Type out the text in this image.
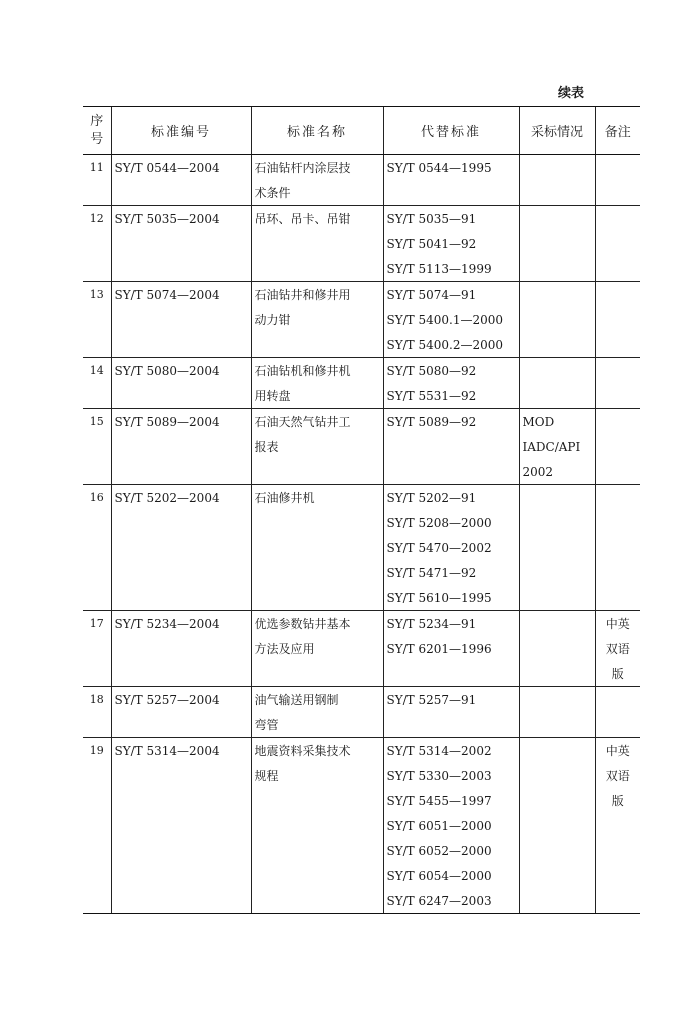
续表
序号	标准编号	标准名称	代替标准	采标情况	备注
11	SY/T 0544—2004	石油钻杆内涂层技	SY/T 0544—1995		

		术条件			

12	SY/T 5035—2004	吊环、吊卡、吊钳	SY/T 5035—91		

			SY/T 5041—92		

			SY/T 5113—1999		

13	SY/T 5074—2004	石油钻井和修井用	SY/T 5074—91		

		动力钳	SY/T 5400.1—2000		

			SY/T 5400.2—2000		

14	SY/T 5080—2004	石油钻机和修井机	SY/T 5080—92		

		用转盘	SY/T 5531—92		

15	SY/T 5089—2004	石油天然气钻井工	SY/T 5089—92	MOD	

		报表		IADC/API	

				2002	

16	SY/T 5202—2004	石油修井机	SY/T 5202—91		

			SY/T 5208—2000		

			SY/T 5470—2002		

			SY/T 5471—92		

			SY/T 5610—1995		

17	SY/T 5234—2004	优选参数钻井基本	SY/T 5234—91		中英

		方法及应用	SY/T 6201—1996		双语

					版

18	SY/T 5257—2004	油气输送用钢制	SY/T 5257—91		

		弯管			

19	SY/T 5314—2004	地震资料采集技术	SY/T 5314—2002		中英

		规程	SY/T 5330—2003		双语

			SY/T 5455—1997		版

			SY/T 6051—2000		

			SY/T 6052—2000		

			SY/T 6054—2000		

			SY/T 6247—2003		
